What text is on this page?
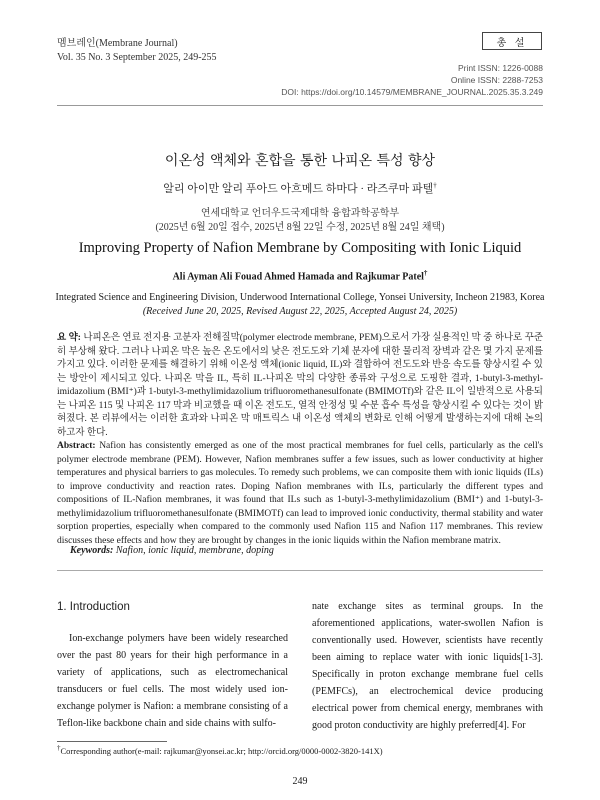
멤브레인(Membrane Journal)
Vol. 35 No. 3 September 2025, 249-255
총 설
Print ISSN: 1226-0088
Online ISSN: 2288-7253
DOI: https://doi.org/10.14579/MEMBRANE_JOURNAL.2025.35.3.249
이온성 액체와 혼합을 통한 나피온 특성 향상
알리 아이만 알리 푸아드 아흐메드 하마다 · 라즈쿠마 파텔†
연세대학교 언더우드국제대학 융합과학공학부
(2025년 6월 20일 접수, 2025년 8월 22일 수정, 2025년 8월 24일 채택)
Improving Property of Nafion Membrane by Compositing with Ionic Liquid
Ali Ayman Ali Fouad Ahmed Hamada and Rajkumar Patel†
Integrated Science and Engineering Division, Underwood International College, Yonsei University, Incheon 21983, Korea
(Received June 20, 2025, Revised August 22, 2025, Accepted August 24, 2025)
요 약: 나피온은 연료 전지용 고분자 전해질막(polymer electrode membrane, PEM)으로서 가장 실용적인 막 중 하나로 꾸준히 부상해 왔다. 그러나 나피온 막은 높은 온도에서의 낮은 전도도와 기체 분자에 대한 물리적 장벽과 같은 몇 가지 문제를 가지고 있다. 이러한 문제를 해결하기 위해 이온성 액체(ionic liquid, IL)와 결합하여 전도도와 반응 속도를 향상시킬 수 있는 방안이 제시되고 있다. 나피온 막을 IL, 특히 IL-나피온 막의 다양한 종류와 구성으로 도핑한 결과, 1-butyl-3-methyl-imidazolium (BMI⁺)과 1-butyl-3-methylimidazolium trifluoromethanesulfonate (BMIMOTf)와 같은 IL이 일반적으로 사용되는 나피온 115 및 나피온 117 막과 비교했을 때 이온 전도도, 열적 안정성 및 수분 흡수 특성을 향상시킬 수 있다는 것이 밝혀졌다. 본 리뷰에서는 이러한 효과와 나피온 막 매트릭스 내 이온성 액체의 변화로 인해 어떻게 발생하는지에 대해 논의하고자 한다.
Abstract: Nafion has consistently emerged as one of the most practical membranes for fuel cells, particularly as the cell's polymer electrode membrane (PEM). However, Nafion membranes suffer a few issues, such as lower conductivity at higher temperatures and physical barriers to gas molecules. To remedy such problems, we can composite them with ionic liquids (ILs) to improve conductivity and reaction rates. Doping Nafion membranes with ILs, particularly the different types and compositions of IL-Nafion membranes, it was found that ILs such as 1-butyl-3-methylimidazolium (BMI⁺) and 1-butyl-3-methylimidazolium trifluoromethanesulfonate (BMIMOTf) can lead to improved ionic conductivity, thermal stability and water sorption properties, especially when compared to the commonly used Nafion 115 and Nafion 117 membranes. This review discusses these effects and how they are brought by changes in the ionic liquids within the Nafion membrane matrix.
Keywords: Nafion, ionic liquid, membrane, doping
1. Introduction
Ion-exchange polymers have been widely researched over the past 80 years for their high performance in a variety of applications, such as electromechanical transducers or fuel cells. The most widely used ion-exchange polymer is Nafion: a membrane consisting of a Teflon-like backbone chain and side chains with sulfo-
nate exchange sites as terminal groups. In the aforementioned applications, water-swollen Nafion is conventionally used. However, scientists have recently been aiming to replace water with ionic liquids[1-3]. Specifically in proton exchange membrane fuel cells (PEMFCs), an electrochemical device producing electrical power from chemical energy, membranes with good proton conductivity are highly preferred[4]. For
†Corresponding author(e-mail: rajkumar@yonsei.ac.kr; http://orcid.org/0000-0002-3820-141X)
249
